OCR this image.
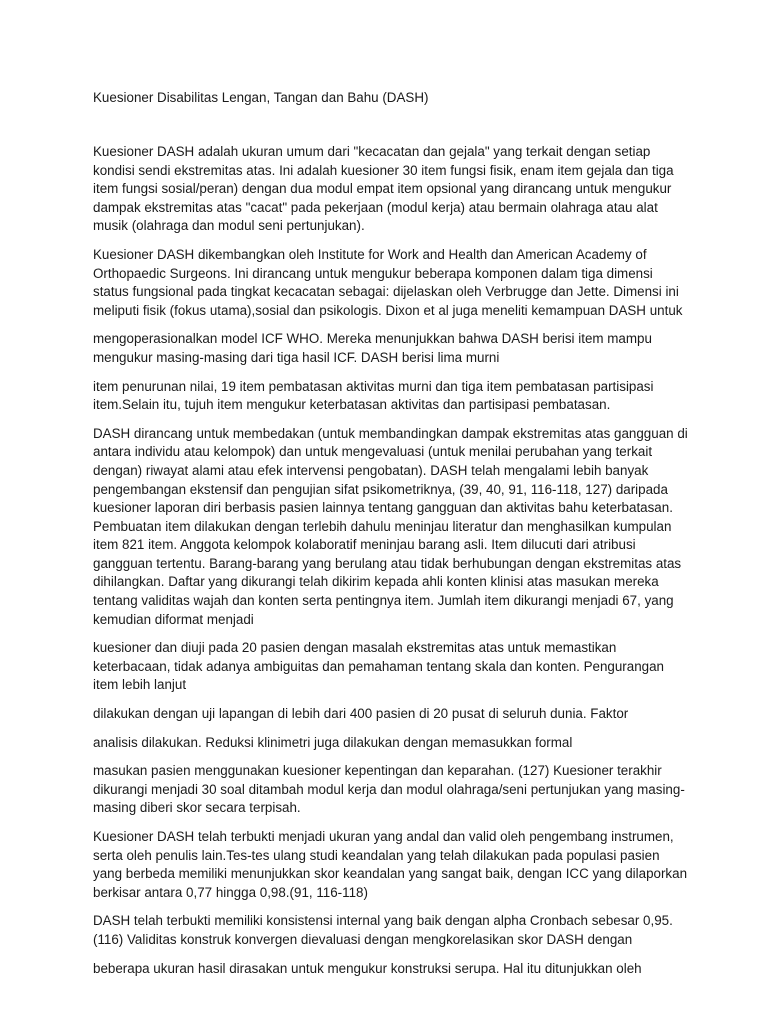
Kuesioner Disabilitas Lengan, Tangan dan Bahu (DASH)

Kuesioner DASH adalah ukuran umum dari "kecacatan dan gejala" yang terkait dengan setiap kondisi sendi ekstremitas atas. Ini adalah kuesioner 30 item fungsi fisik, enam item gejala dan tiga item fungsi sosial/peran) dengan dua modul empat item opsional yang dirancang untuk mengukur dampak ekstremitas atas "cacat" pada pekerjaan (modul kerja) atau bermain olahraga atau alat musik (olahraga dan modul seni pertunjukan).

Kuesioner DASH dikembangkan oleh Institute for Work and Health dan American Academy of Orthopaedic Surgeons. Ini dirancang untuk mengukur beberapa komponen dalam tiga dimensi status fungsional pada tingkat kecacatan sebagai: dijelaskan oleh Verbrugge dan Jette. Dimensi ini meliputi fisik (fokus utama),sosial dan psikologis. Dixon et al juga meneliti kemampuan DASH untuk

mengoperasionalkan model ICF WHO. Mereka menunjukkan bahwa DASH berisi item mampu mengukur masing-masing dari tiga hasil ICF. DASH berisi lima murni

item penurunan nilai, 19 item pembatasan aktivitas murni dan tiga item pembatasan partisipasi item.Selain itu, tujuh item mengukur keterbatasan aktivitas dan partisipasi pembatasan.

DASH dirancang untuk membedakan (untuk membandingkan dampak ekstremitas atas gangguan di antara individu atau kelompok) dan untuk mengevaluasi (untuk menilai perubahan yang terkait dengan) riwayat alami atau efek intervensi pengobatan). DASH telah mengalami lebih banyak pengembangan ekstensif dan pengujian sifat psikometriknya, (39, 40, 91, 116-118, 127) daripada kuesioner laporan diri berbasis pasien lainnya tentang gangguan dan aktivitas bahu keterbatasan. Pembuatan item dilakukan dengan terlebih dahulu meninjau literatur dan menghasilkan kumpulan item 821 item. Anggota kelompok kolaboratif meninjau barang asli. Item dilucuti dari atribusi gangguan tertentu. Barang-barang yang berulang atau tidak berhubungan dengan ekstremitas atas dihilangkan. Daftar yang dikurangi telah dikirim kepada ahli konten klinisi atas masukan mereka tentang validitas wajah dan konten serta pentingnya item. Jumlah item dikurangi menjadi 67, yang kemudian diformat menjadi

kuesioner dan diuji pada 20 pasien dengan masalah ekstremitas atas untuk memastikan keterbacaan, tidak adanya ambiguitas dan pemahaman tentang skala dan konten. Pengurangan item lebih lanjut

dilakukan dengan uji lapangan di lebih dari 400 pasien di 20 pusat di seluruh dunia. Faktor

analisis dilakukan. Reduksi klinimetri juga dilakukan dengan memasukkan formal

masukan pasien menggunakan kuesioner kepentingan dan keparahan. (127) Kuesioner terakhir dikurangi menjadi 30 soal ditambah modul kerja dan modul olahraga/seni pertunjukan yang masing-masing diberi skor secara terpisah.

Kuesioner DASH telah terbukti menjadi ukuran yang andal dan valid oleh pengembang instrumen, serta oleh penulis lain.Tes-tes ulang studi keandalan yang telah dilakukan pada populasi pasien yang berbeda memiliki menunjukkan skor keandalan yang sangat baik, dengan ICC yang dilaporkan berkisar antara 0,77 hingga 0,98.(91, 116-118)

DASH telah terbukti memiliki konsistensi internal yang baik dengan alpha Cronbach sebesar 0,95. (116) Validitas konstruk konvergen dievaluasi dengan mengkorelasikan skor DASH dengan

beberapa ukuran hasil dirasakan untuk mengukur konstruksi serupa. Hal itu ditunjukkan oleh
